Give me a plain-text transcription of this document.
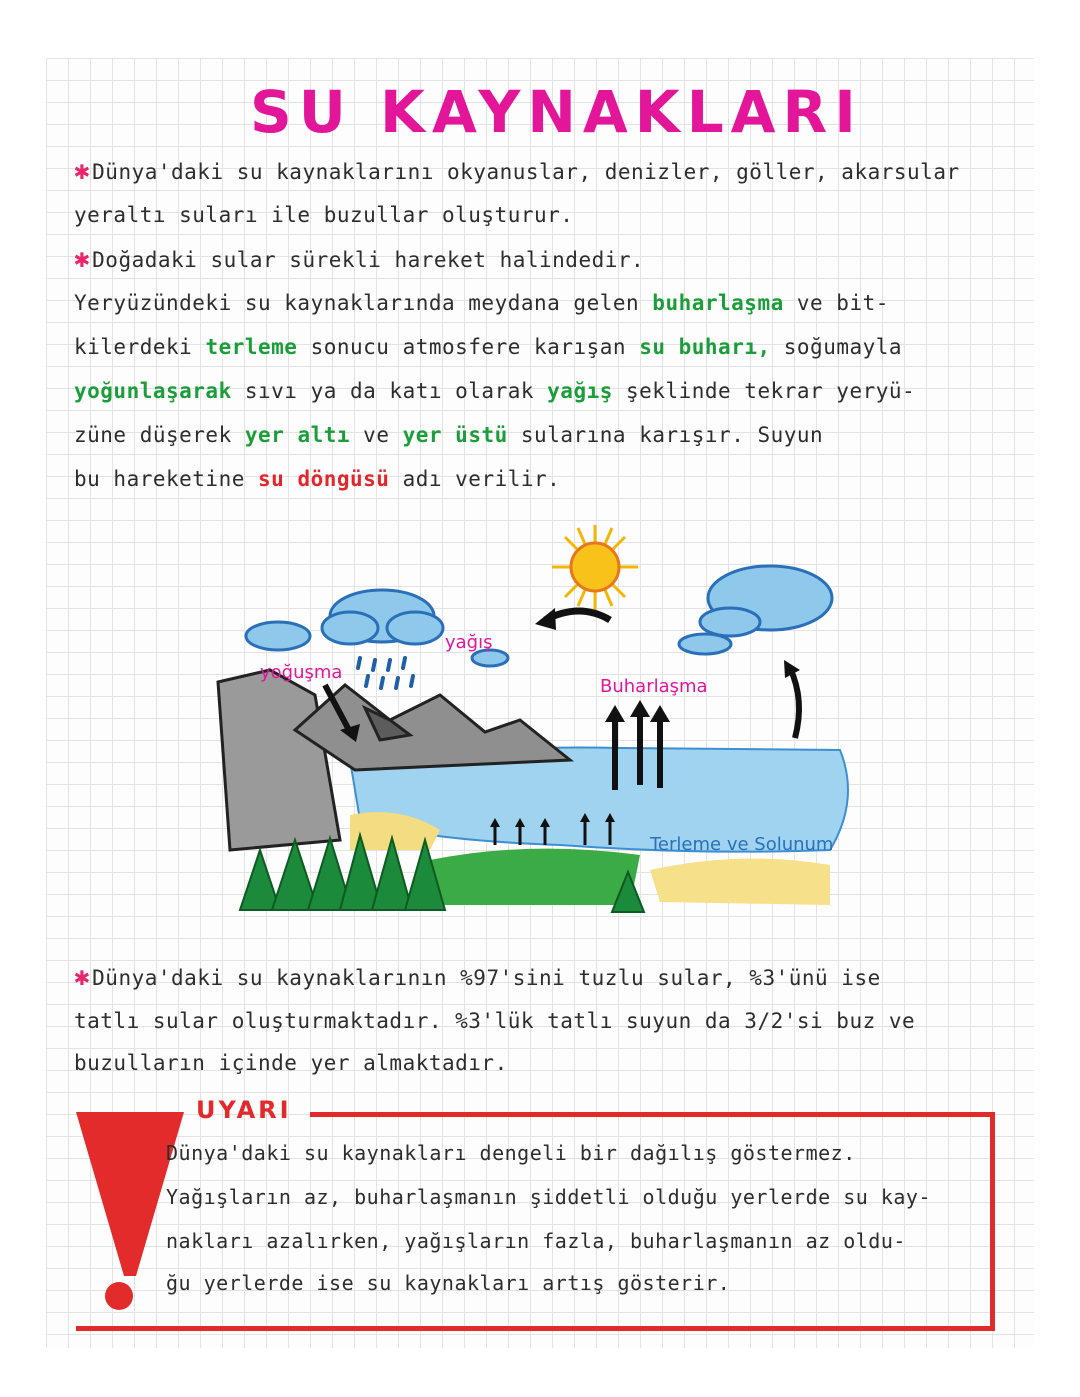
SU KAYNAKLARI

✱Dünya'daki su kaynaklarını okyanuslar, denizler, göller, akarsular

yeraltı suları ile buzullar oluşturur.

✱Doğadaki sular sürekli hareket halindedir.

Yeryüzündeki su kaynaklarında meydana gelen buharlaşma ve bit-

kilerdeki terleme sonucu atmosfere karışan su buharı, soğumayla

yoğunlaşarak sıvı ya da katı olarak yağış şeklinde tekrar yeryü-

züne düşerek yer altı ve yer üstü sularına karışır. Suyun

bu hareketine su döngüsü adı verilir.

yoğuşma
yağış
Buharlaşma
Terleme ve Solunum

✱Dünya'daki su kaynaklarının %97'sini tuzlu sular, %3'ünü ise

tatlı sular oluşturmaktadır. %3'lük tatlı suyun da 3/2'si buz ve

buzulların içinde yer almaktadır.

UYARI

Dünya'daki su kaynakları dengeli bir dağılış göstermez.

Yağışların az, buharlaşmanın şiddetli olduğu yerlerde su kay-

nakları azalırken, yağışların fazla, buharlaşmanın az oldu-

ğu yerlerde ise su kaynakları artış gösterir.
